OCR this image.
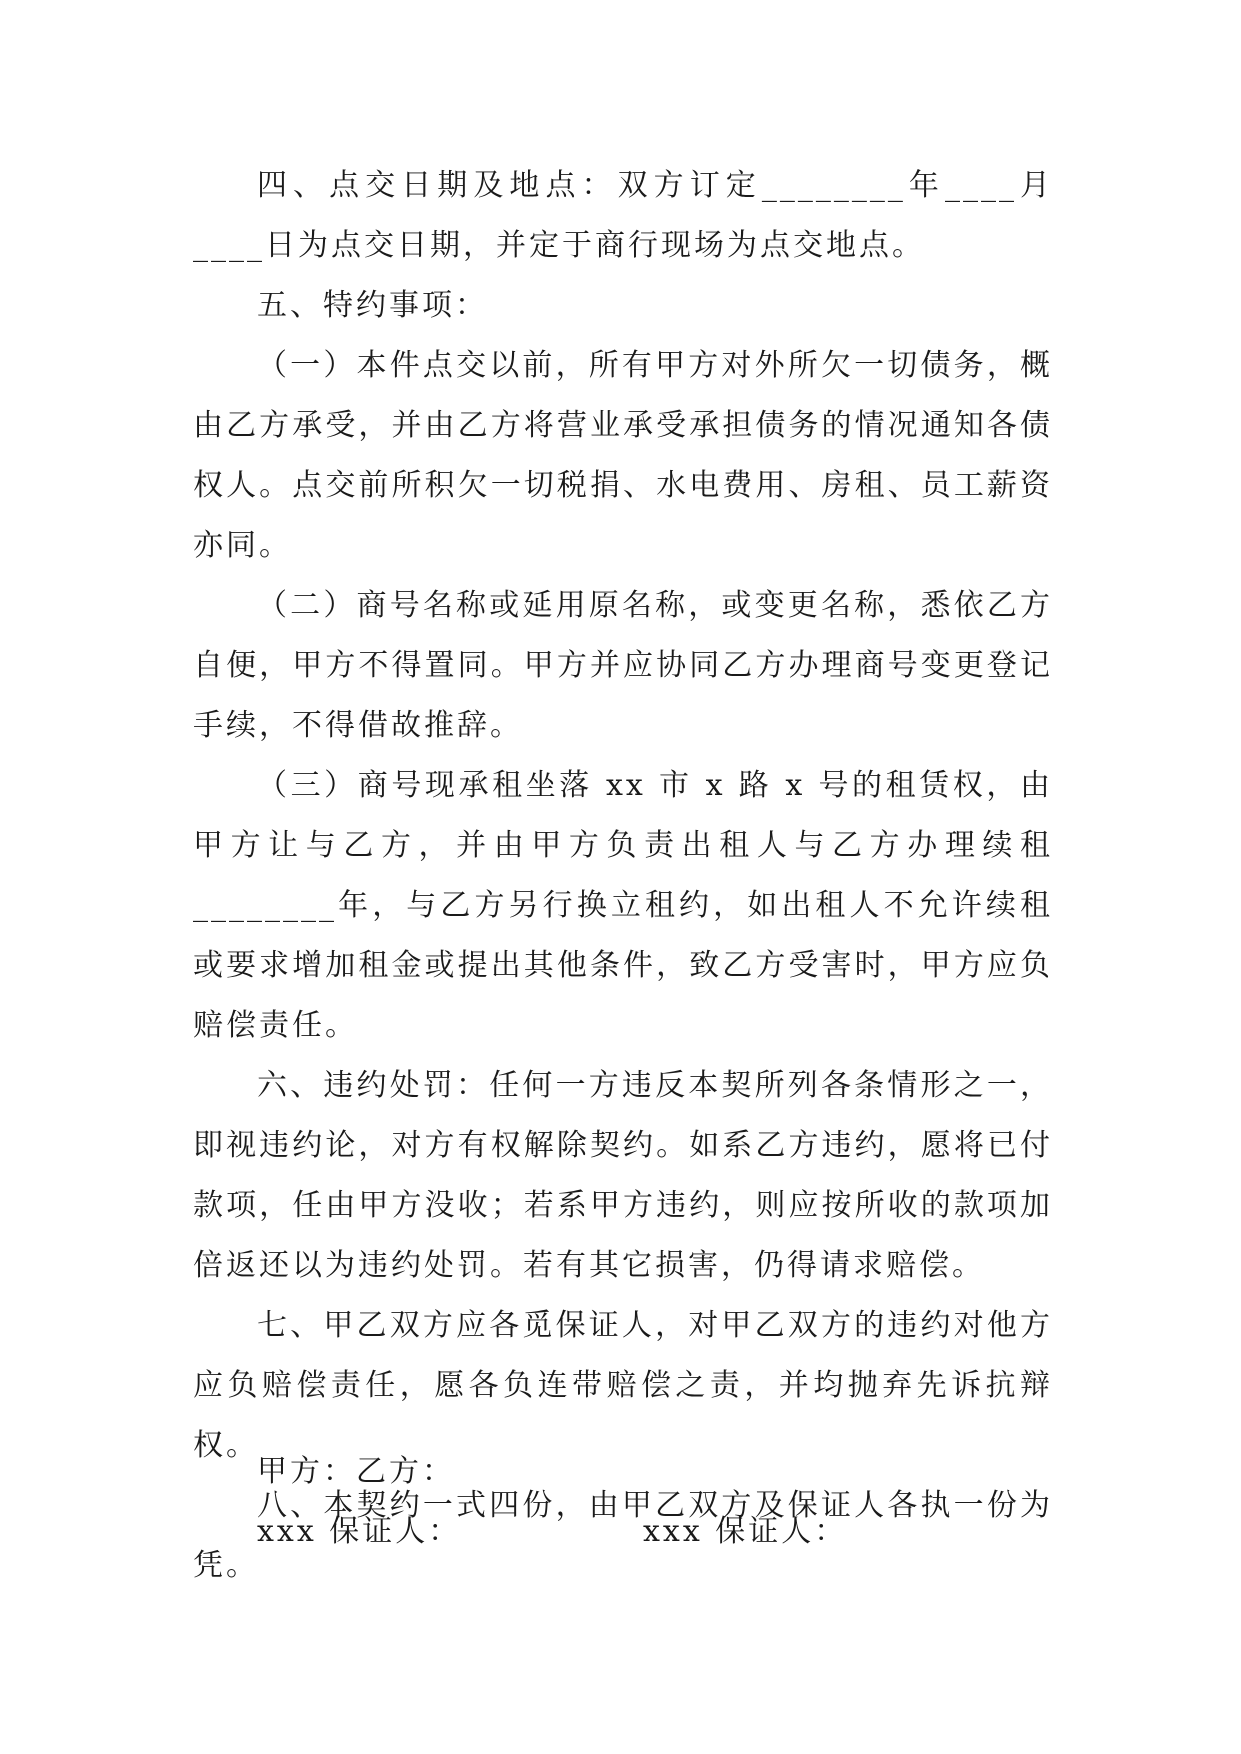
四、点交日期及地点：双方订定________年____月____日为点交日期，并定于商行现场为点交地点。

五、特约事项：

（一）本件点交以前，所有甲方对外所欠一切债务，概由乙方承受，并由乙方将营业承受承担债务的情况通知各债权人。点交前所积欠一切税捐、水电费用、房租、员工薪资亦同。

（二）商号名称或延用原名称，或变更名称，悉依乙方自便，甲方不得置同。甲方并应协同乙方办理商号变更登记手续，不得借故推辞。

（三）商号现承租坐落 xx 市 x 路 x 号的租赁权，由甲方让与乙方，并由甲方负责出租人与乙方办理续租________年，与乙方另行换立租约，如出租人不允许续租或要求增加租金或提出其他条件，致乙方受害时，甲方应负赔偿责任。

六、违约处罚：任何一方违反本契所列各条情形之一，即视违约论，对方有权解除契约。如系乙方违约，愿将已付款项，任由甲方没收；若系甲方违约，则应按所收的款项加倍返还以为违约处罚。若有其它损害，仍得请求赔偿。

七、甲乙双方应各觅保证人，对甲乙双方的违约对他方应负赔偿责任，愿各负连带赔偿之责，并均抛弃先诉抗辩权。

八、本契约一式四份，由甲乙双方及保证人各执一份为凭。

甲方：乙方：
xxx 保证人：	xxx 保证人：
